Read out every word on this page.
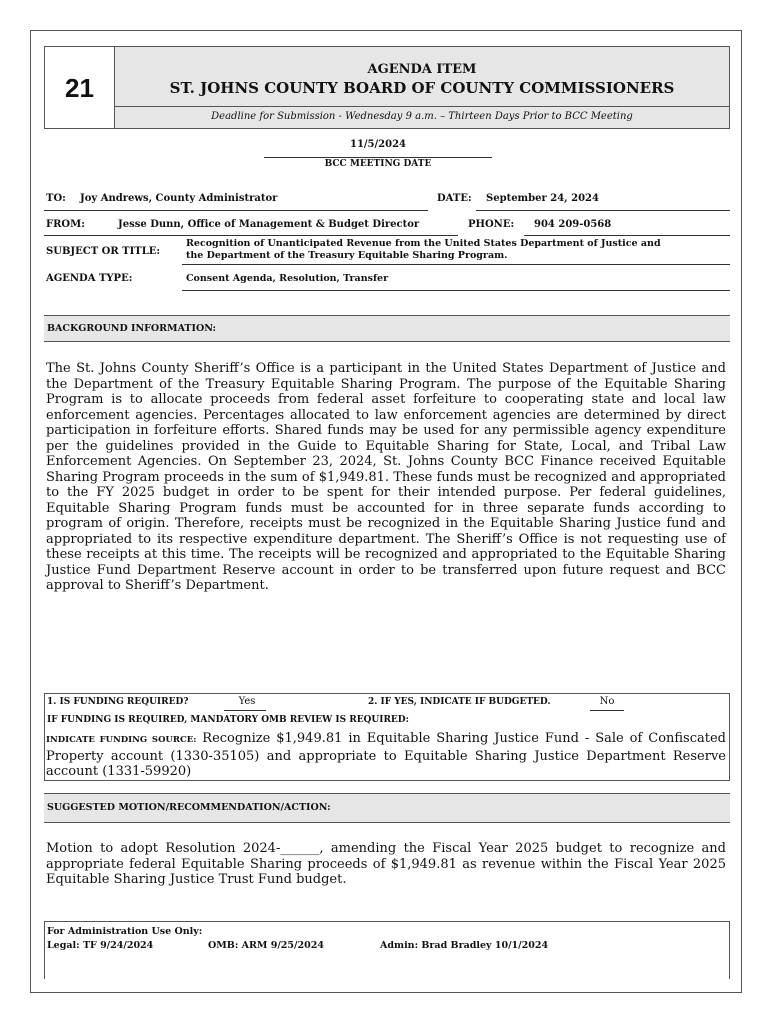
21
AGENDA ITEM
ST. JOHNS COUNTY BOARD OF COUNTY COMMISSIONERS
Deadline for Submission - Wednesday 9 a.m. – Thirteen Days Prior to BCC Meeting
11/5/2024
BCC MEETING DATE
TO: Joy Andrews, County Administrator	DATE: September 24, 2024
FROM:	Jesse Dunn, Office of Management & Budget Director	PHONE: 904 209-0568
SUBJECT OR TITLE:
Recognition of Unanticipated Revenue from the United States Department of Justice and
the Department of the Treasury Equitable Sharing Program.
AGENDA TYPE:	Consent Agenda, Resolution, Transfer
BACKGROUND INFORMATION:

The St. Johns County Sheriff’s Office is a participant in the United States Department of Justice and the Department of the Treasury Equitable Sharing Program. The purpose of the Equitable Sharing Program is to allocate proceeds from federal asset forfeiture to cooperating state and local law enforcement agencies. Percentages allocated to law enforcement agencies are determined by direct participation in forfeiture efforts. Shared funds may be used for any permissible agency expenditure per the guidelines provided in the Guide to Equitable Sharing for State, Local, and Tribal Law Enforcement Agencies. On September 23, 2024, St. Johns County BCC Finance received Equitable Sharing Program proceeds in the sum of $1,949.81. These funds must be recognized and appropriated to the FY 2025 budget in order to be spent for their intended purpose. Per federal guidelines, Equitable Sharing Program funds must be accounted for in three separate funds according to program of origin. Therefore, receipts must be recognized in the Equitable Sharing Justice fund and appropriated to its respective expenditure department. The Sheriff’s Office is not requesting use of these receipts at this time. The receipts will be recognized and appropriated to the Equitable Sharing Justice Fund Department Reserve account in order to be transferred upon future request and BCC approval to Sheriff’s Department.

1. IS FUNDING REQUIRED?	Yes	2. IF YES, INDICATE IF BUDGETED.	No
IF FUNDING IS REQUIRED, MANDATORY OMB REVIEW IS REQUIRED:

INDICATE FUNDING SOURCE: Recognize $1,949.81 in Equitable Sharing Justice Fund - Sale of Confiscated Property account (1330-35105) and appropriate to Equitable Sharing Justice Department Reserve account (1331-59920)

SUGGESTED MOTION/RECOMMENDATION/ACTION:

Motion to adopt Resolution 2024-______, amending the Fiscal Year 2025 budget to recognize and appropriate federal Equitable Sharing proceeds of $1,949.81 as revenue within the Fiscal Year 2025 Equitable Sharing Justice Trust Fund budget.

For Administration Use Only:
Legal: TF 9/24/2024	OMB: ARM 9/25/2024	Admin: Brad Bradley 10/1/2024
